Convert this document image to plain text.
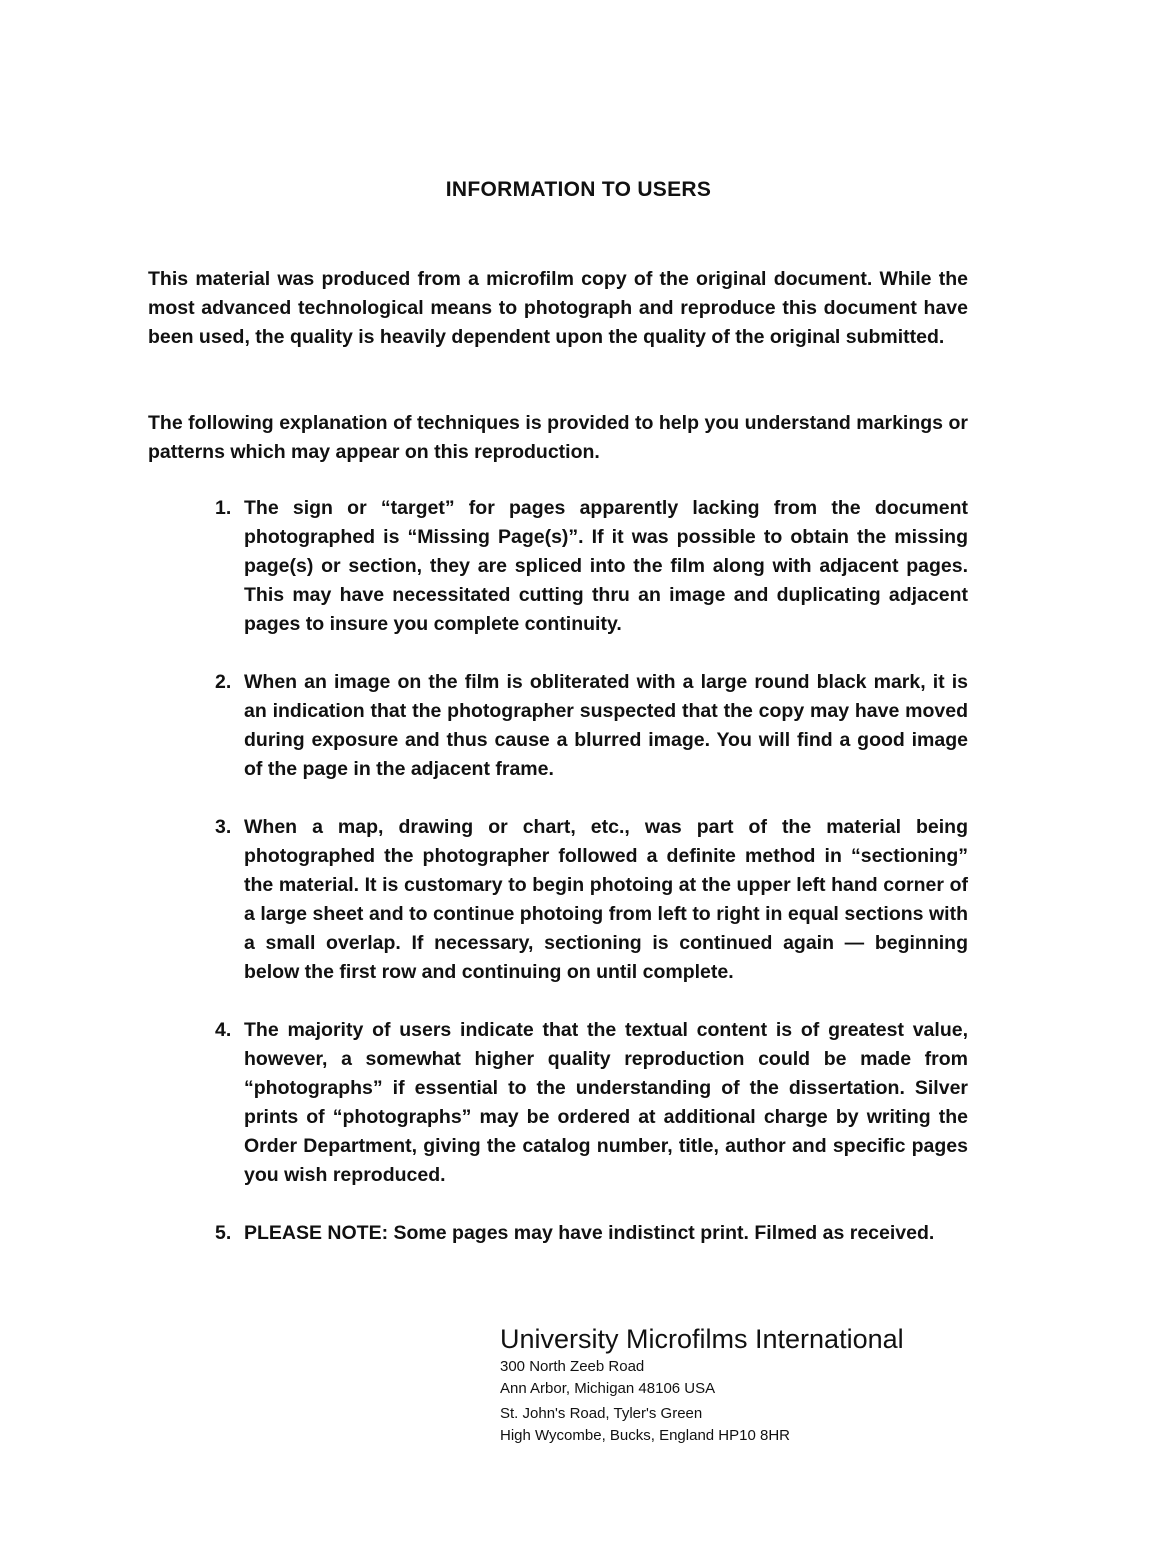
INFORMATION TO USERS

This material was produced from a microfilm copy of the original document. While the most advanced technological means to photograph and reproduce this document have been used, the quality is heavily dependent upon the quality of the original submitted.

The following explanation of techniques is provided to help you understand markings or patterns which may appear on this reproduction.

1. The sign or “target” for pages apparently lacking from the document photographed is “Missing Page(s)”. If it was possible to obtain the missing page(s) or section, they are spliced into the film along with adjacent pages. This may have necessitated cutting thru an image and duplicating adjacent pages to insure you complete continuity.
2. When an image on the film is obliterated with a large round black mark, it is an indication that the photographer suspected that the copy may have moved during exposure and thus cause a blurred image. You will find a good image of the page in the adjacent frame.
3. When a map, drawing or chart, etc., was part of the material being photographed the photographer followed a definite method in “sectioning” the material. It is customary to begin photoing at the upper left hand corner of a large sheet and to continue photoing from left to right in equal sections with a small overlap. If necessary, sectioning is continued again — beginning below the first row and continuing on until complete.
4. The majority of users indicate that the textual content is of greatest value, however, a somewhat higher quality reproduction could be made from “photographs” if essential to the understanding of the dissertation. Silver prints of “photographs” may be ordered at additional charge by writing the Order Department, giving the catalog number, title, author and specific pages you wish reproduced.
5. PLEASE NOTE: Some pages may have indistinct print. Filmed as received.
University Microfilms International
300 North Zeeb Road
Ann Arbor, Michigan 48106 USA
St. John's Road, Tyler's Green
High Wycombe, Bucks, England HP10 8HR
